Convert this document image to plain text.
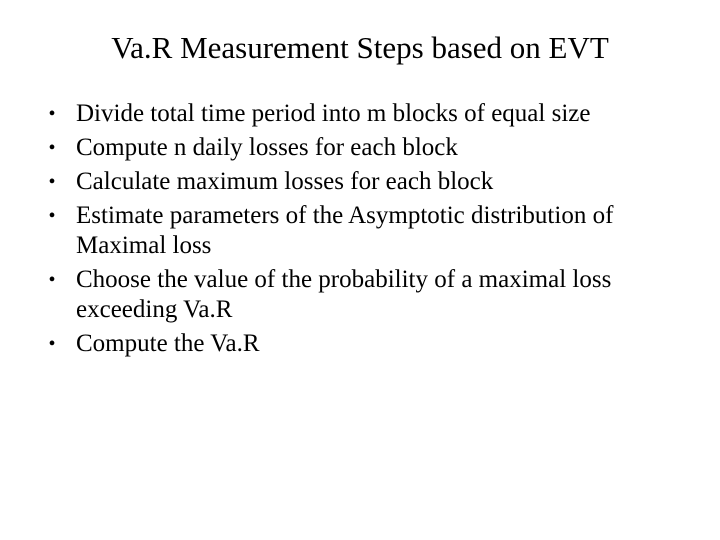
Va.R Measurement Steps based on EVT
• Divide total time period into m blocks of equal size
• Compute n daily losses for each block
• Calculate maximum losses for each block
• Estimate parameters of the Asymptotic distribution of Maximal loss
• Choose the value of the probability of a maximal loss exceeding Va.R
• Compute the Va.R
